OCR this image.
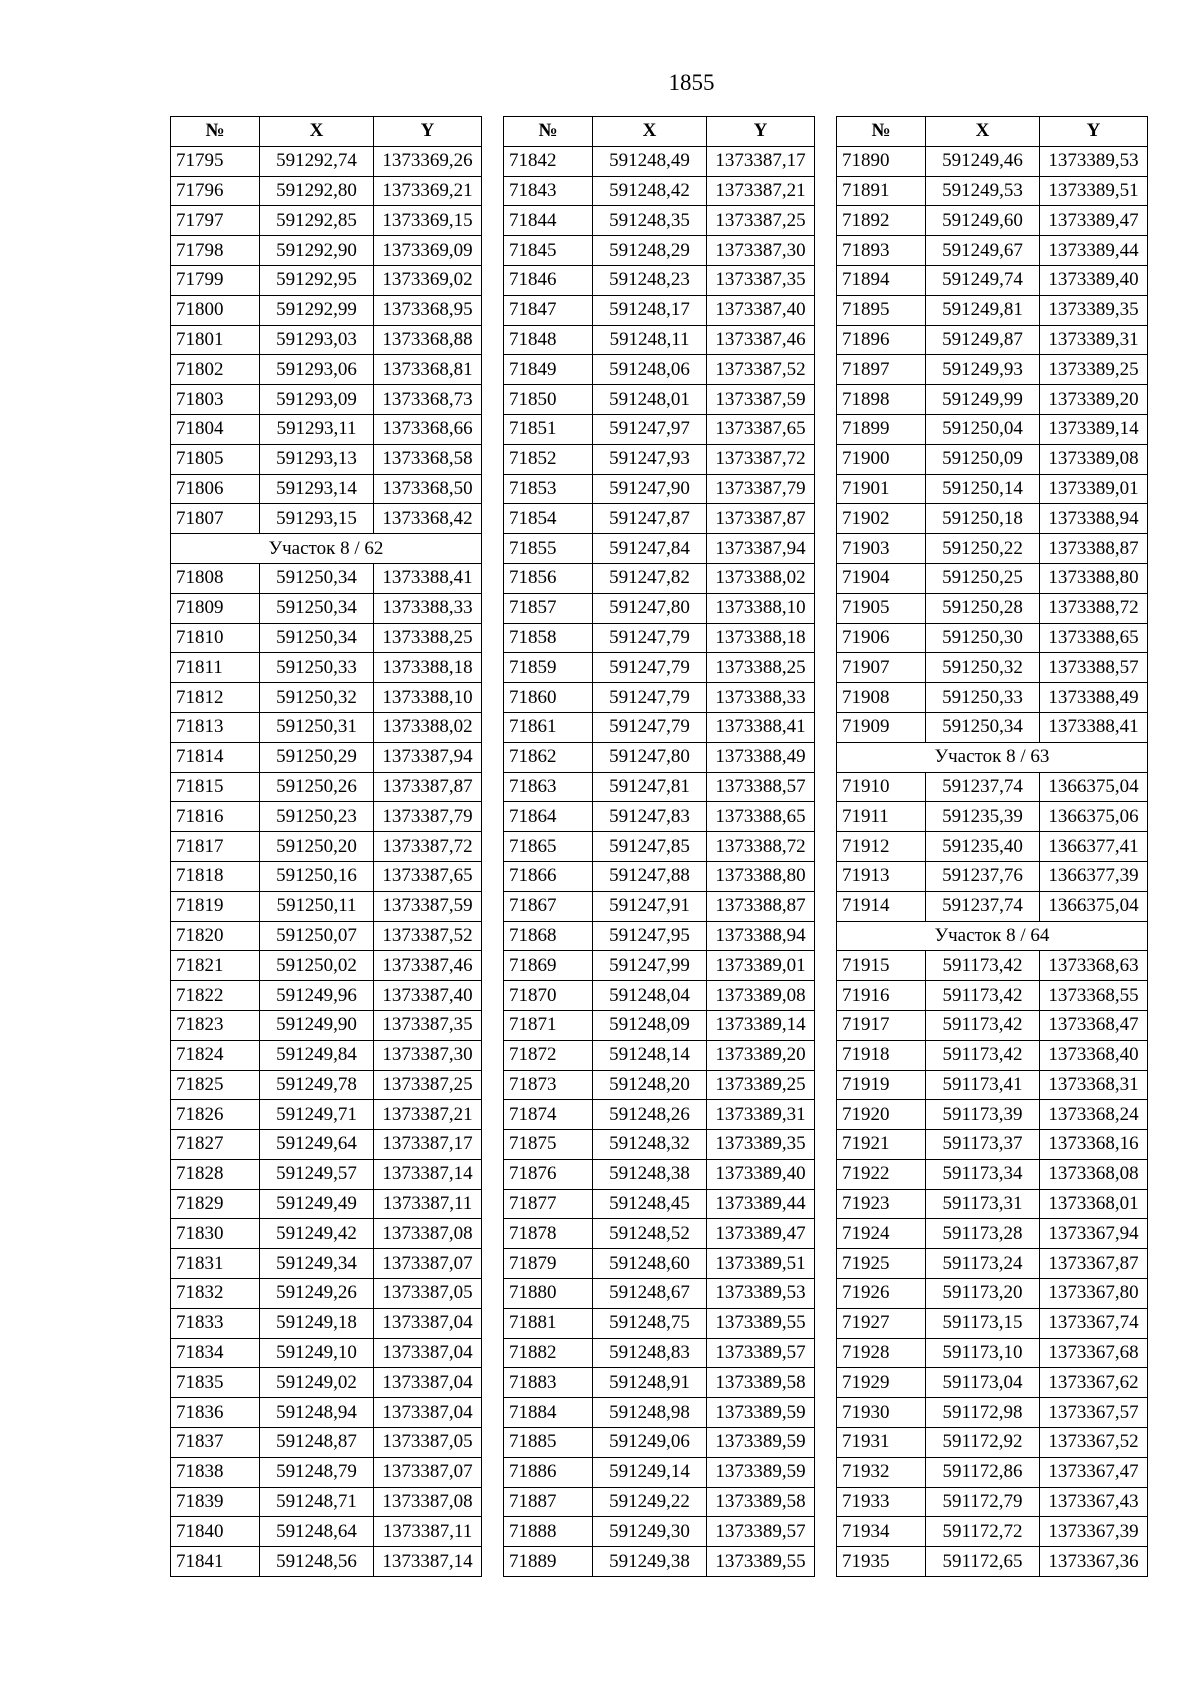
1855
№	X	Y
71795	591292,74	1373369,26
71796	591292,80	1373369,21
71797	591292,85	1373369,15
71798	591292,90	1373369,09
71799	591292,95	1373369,02
71800	591292,99	1373368,95
71801	591293,03	1373368,88
71802	591293,06	1373368,81
71803	591293,09	1373368,73
71804	591293,11	1373368,66
71805	591293,13	1373368,58
71806	591293,14	1373368,50
71807	591293,15	1373368,42
Участок 8 / 62		
71808	591250,34	1373388,41
71809	591250,34	1373388,33
71810	591250,34	1373388,25
71811	591250,33	1373388,18
71812	591250,32	1373388,10
71813	591250,31	1373388,02
71814	591250,29	1373387,94
71815	591250,26	1373387,87
71816	591250,23	1373387,79
71817	591250,20	1373387,72
71818	591250,16	1373387,65
71819	591250,11	1373387,59
71820	591250,07	1373387,52
71821	591250,02	1373387,46
71822	591249,96	1373387,40
71823	591249,90	1373387,35
71824	591249,84	1373387,30
71825	591249,78	1373387,25
71826	591249,71	1373387,21
71827	591249,64	1373387,17
71828	591249,57	1373387,14
71829	591249,49	1373387,11
71830	591249,42	1373387,08
71831	591249,34	1373387,07
71832	591249,26	1373387,05
71833	591249,18	1373387,04
71834	591249,10	1373387,04
71835	591249,02	1373387,04
71836	591248,94	1373387,04
71837	591248,87	1373387,05
71838	591248,79	1373387,07
71839	591248,71	1373387,08
71840	591248,64	1373387,11
71841	591248,56	1373387,14
№	X	Y
71842	591248,49	1373387,17
71843	591248,42	1373387,21
71844	591248,35	1373387,25
71845	591248,29	1373387,30
71846	591248,23	1373387,35
71847	591248,17	1373387,40
71848	591248,11	1373387,46
71849	591248,06	1373387,52
71850	591248,01	1373387,59
71851	591247,97	1373387,65
71852	591247,93	1373387,72
71853	591247,90	1373387,79
71854	591247,87	1373387,87
71855	591247,84	1373387,94
71856	591247,82	1373388,02
71857	591247,80	1373388,10
71858	591247,79	1373388,18
71859	591247,79	1373388,25
71860	591247,79	1373388,33
71861	591247,79	1373388,41
71862	591247,80	1373388,49
71863	591247,81	1373388,57
71864	591247,83	1373388,65
71865	591247,85	1373388,72
71866	591247,88	1373388,80
71867	591247,91	1373388,87
71868	591247,95	1373388,94
71869	591247,99	1373389,01
71870	591248,04	1373389,08
71871	591248,09	1373389,14
71872	591248,14	1373389,20
71873	591248,20	1373389,25
71874	591248,26	1373389,31
71875	591248,32	1373389,35
71876	591248,38	1373389,40
71877	591248,45	1373389,44
71878	591248,52	1373389,47
71879	591248,60	1373389,51
71880	591248,67	1373389,53
71881	591248,75	1373389,55
71882	591248,83	1373389,57
71883	591248,91	1373389,58
71884	591248,98	1373389,59
71885	591249,06	1373389,59
71886	591249,14	1373389,59
71887	591249,22	1373389,58
71888	591249,30	1373389,57
71889	591249,38	1373389,55
№	X	Y
71890	591249,46	1373389,53
71891	591249,53	1373389,51
71892	591249,60	1373389,47
71893	591249,67	1373389,44
71894	591249,74	1373389,40
71895	591249,81	1373389,35
71896	591249,87	1373389,31
71897	591249,93	1373389,25
71898	591249,99	1373389,20
71899	591250,04	1373389,14
71900	591250,09	1373389,08
71901	591250,14	1373389,01
71902	591250,18	1373388,94
71903	591250,22	1373388,87
71904	591250,25	1373388,80
71905	591250,28	1373388,72
71906	591250,30	1373388,65
71907	591250,32	1373388,57
71908	591250,33	1373388,49
71909	591250,34	1373388,41
Участок 8 / 63		
71910	591237,74	1366375,04
71911	591235,39	1366375,06
71912	591235,40	1366377,41
71913	591237,76	1366377,39
71914	591237,74	1366375,04
Участок 8 / 64		
71915	591173,42	1373368,63
71916	591173,42	1373368,55
71917	591173,42	1373368,47
71918	591173,42	1373368,40
71919	591173,41	1373368,31
71920	591173,39	1373368,24
71921	591173,37	1373368,16
71922	591173,34	1373368,08
71923	591173,31	1373368,01
71924	591173,28	1373367,94
71925	591173,24	1373367,87
71926	591173,20	1373367,80
71927	591173,15	1373367,74
71928	591173,10	1373367,68
71929	591173,04	1373367,62
71930	591172,98	1373367,57
71931	591172,92	1373367,52
71932	591172,86	1373367,47
71933	591172,79	1373367,43
71934	591172,72	1373367,39
71935	591172,65	1373367,36
